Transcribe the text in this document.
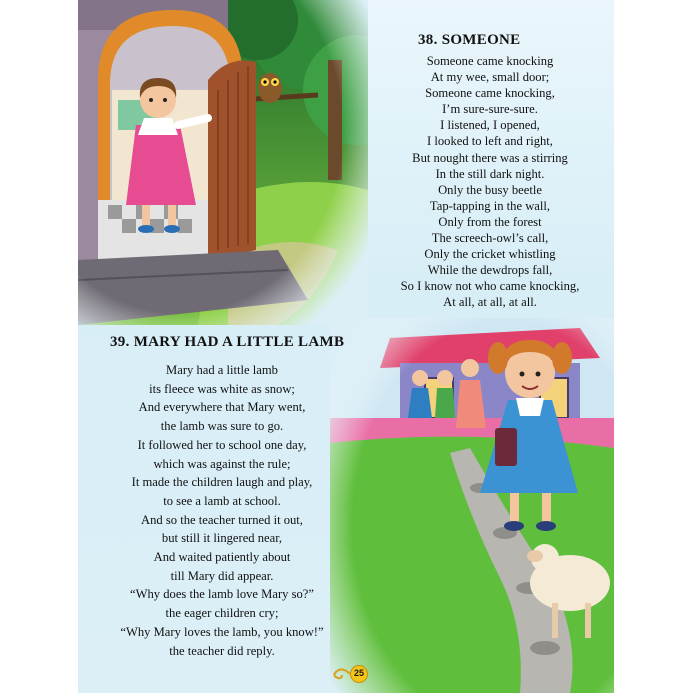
38. SOMEONE
Someone came knocking
At my wee, small door;
Someone came knocking,
I’m sure-sure-sure.
I listened, I opened,
I looked to left and right,
But nought there was a stirring
In the still dark night.
Only the busy beetle
Tap-tapping in the wall,
Only from the forest
The screech-owl’s call,
Only the cricket whistling
While the dewdrops fall,
So I know not who came knocking,
At all, at all, at all.
39. MARY HAD A LITTLE LAMB
Mary had a little lamb
its fleece was white as snow;
And everywhere that Mary went,
the lamb was sure to go.
It followed her to school one day,
which was against the rule;
It made the children laugh and play,
to see a lamb at school.
And so the teacher turned it out,
but still it lingered near,
And waited patiently about
till Mary did appear.
“Why does the lamb love Mary so?”
the eager children cry;
“Why Mary loves the lamb, you know!”
the teacher did reply.
25
